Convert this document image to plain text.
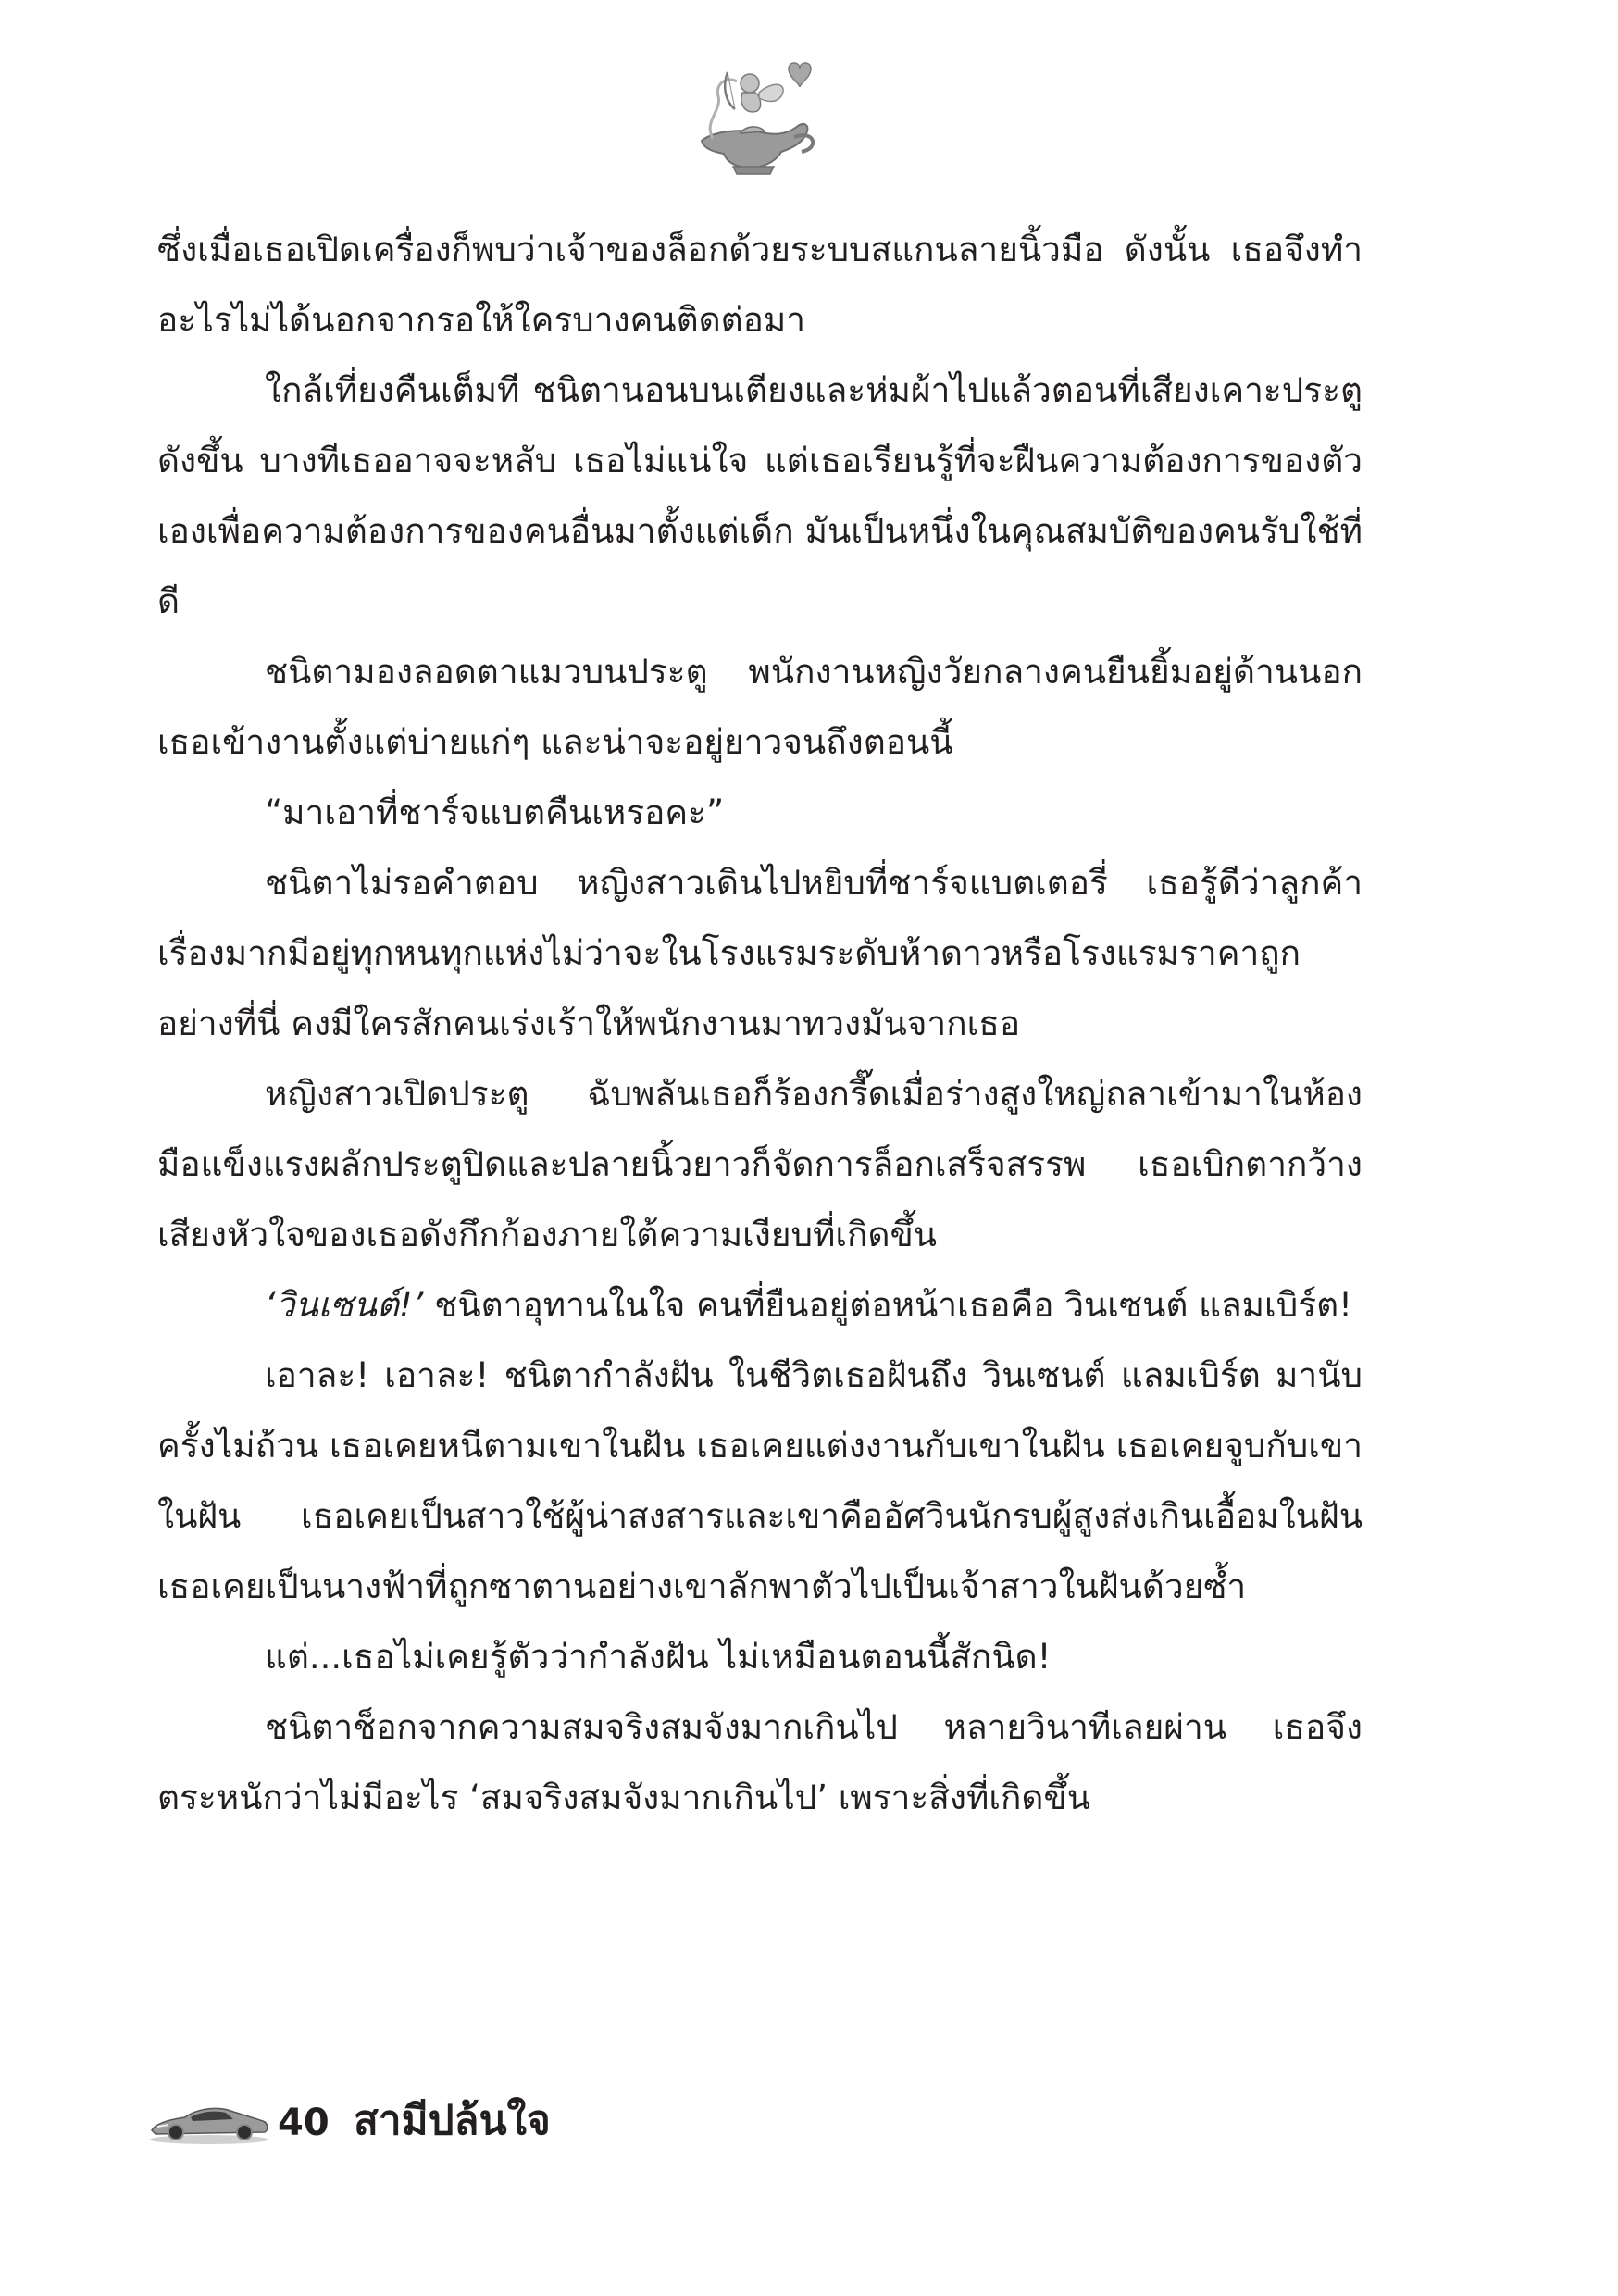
ซึ่งเมื่อเธอเปิดเครื่องก็พบว่าเจ้าของล็อกด้วยระบบสแกนลายนิ้วมือ ดังนั้น เธอจึงทำอะไรไม่ได้นอกจากรอให้ใครบางคนติดต่อมา

ใกล้เที่ยงคืนเต็มที ชนิตานอนบนเตียงและห่มผ้าไปแล้วตอนที่เสียงเคาะประตูดังขึ้น บางทีเธออาจจะหลับ เธอไม่แน่ใจ แต่เธอเรียนรู้ที่จะฝืนความต้องการของตัวเองเพื่อความต้องการของคนอื่นมาตั้งแต่เด็ก มันเป็นหนึ่งในคุณสมบัติของคนรับใช้ที่ดี

ชนิตามองลอดตาแมวบนประตู พนักงานหญิงวัยกลางคนยืนยิ้มอยู่ด้านนอก เธอเข้างานตั้งแต่บ่ายแก่ๆ และน่าจะอยู่ยาวจนถึงตอนนี้

“มาเอาที่ชาร์จแบตคืนเหรอคะ”

ชนิตาไม่รอคำตอบ หญิงสาวเดินไปหยิบที่ชาร์จแบตเตอรี่ เธอรู้ดีว่าลูกค้าเรื่องมากมีอยู่ทุกหนทุกแห่งไม่ว่าจะในโรงแรมระดับห้าดาวหรือโรงแรมราคาถูกอย่างที่นี่ คงมีใครสักคนเร่งเร้าให้พนักงานมาทวงมันจากเธอ

หญิงสาวเปิดประตู ฉับพลันเธอก็ร้องกรี๊ดเมื่อร่างสูงใหญ่ถลาเข้ามาในห้อง มือแข็งแรงผลักประตูปิดและปลายนิ้วยาวก็จัดการล็อกเสร็จสรรพ เธอเบิกตากว้าง เสียงหัวใจของเธอดังกึกก้องภายใต้ความเงียบที่เกิดขึ้น

‘วินเซนต์!’ ชนิตาอุทานในใจ คนที่ยืนอยู่ต่อหน้าเธอคือ วินเซนต์ แลมเบิร์ต!

เอาละ! เอาละ! ชนิตากำลังฝัน ในชีวิตเธอฝันถึง วินเซนต์ แลมเบิร์ต มานับครั้งไม่ถ้วน เธอเคยหนีตามเขาในฝัน เธอเคยแต่งงานกับเขาในฝัน เธอเคยจูบกับเขาในฝัน เธอเคยเป็นสาวใช้ผู้น่าสงสารและเขาคืออัศวินนักรบผู้สูงส่งเกินเอื้อมในฝัน เธอเคยเป็นนางฟ้าที่ถูกซาตานอย่างเขาลักพาตัวไปเป็นเจ้าสาวในฝันด้วยซ้ำ

แต่...เธอไม่เคยรู้ตัวว่ากำลังฝัน ไม่เหมือนตอนนี้สักนิด!

ชนิตาช็อกจากความสมจริงสมจังมากเกินไป หลายวินาทีเลยผ่าน เธอจึงตระหนักว่าไม่มีอะไร ‘สมจริงสมจังมากเกินไป’ เพราะสิ่งที่เกิดขึ้น

40 สามีปล้นใจ
